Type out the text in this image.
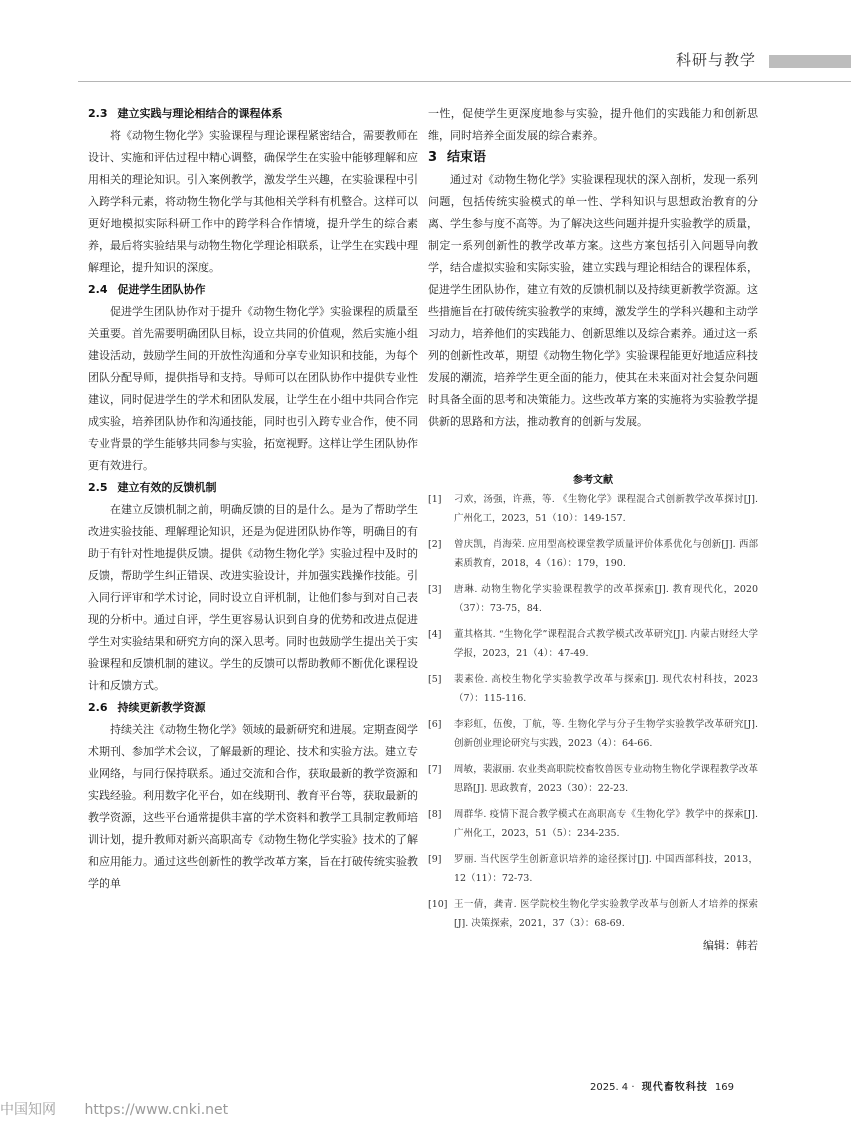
科研与教学
2.3 建立实践与理论相结合的课程体系

将《动物生物化学》实验课程与理论课程紧密结合，需要教师在设计、实施和评估过程中精心调整，确保学生在实验中能够理解和应用相关的理论知识。引入案例教学，激发学生兴趣，在实验课程中引入跨学科元素，将动物生物化学与其他相关学科有机整合。这样可以更好地模拟实际科研工作中的跨学科合作情境，提升学生的综合素养，最后将实验结果与动物生物化学理论相联系，让学生在实践中理解理论，提升知识的深度。

2.4 促进学生团队协作

促进学生团队协作对于提升《动物生物化学》实验课程的质量至关重要。首先需要明确团队目标，设立共同的价值观，然后实施小组建设活动，鼓励学生间的开放性沟通和分享专业知识和技能，为每个团队分配导师，提供指导和支持。导师可以在团队协作中提供专业性建议，同时促进学生的学术和团队发展，让学生在小组中共同合作完成实验，培养团队协作和沟通技能，同时也引入跨专业合作，使不同专业背景的学生能够共同参与实验，拓宽视野。这样让学生团队协作更有效进行。

2.5 建立有效的反馈机制

在建立反馈机制之前，明确反馈的目的是什么。是为了帮助学生改进实验技能、理解理论知识，还是为促进团队协作等，明确目的有助于有针对性地提供反馈。提供《动物生物化学》实验过程中及时的反馈，帮助学生纠正错误、改进实验设计，并加强实践操作技能。引入同行评审和学术讨论，同时设立自评机制，让他们参与到对自己表现的分析中。通过自评，学生更容易认识到自身的优势和改进点促进学生对实验结果和研究方向的深入思考。同时也鼓励学生提出关于实验课程和反馈机制的建议。学生的反馈可以帮助教师不断优化课程设计和反馈方式。

2.6 持续更新教学资源

持续关注《动物生物化学》领域的最新研究和进展。定期查阅学术期刊、参加学术会议，了解最新的理论、技术和实验方法。建立专业网络，与同行保持联系。通过交流和合作，获取最新的教学资源和实践经验。利用数字化平台，如在线期刊、教育平台等，获取最新的教学资源，这些平台通常提供丰富的学术资料和教学工具制定教师培训计划，提升教师对新兴高职高专《动物生物化学实验》技术的了解和应用能力。通过这些创新性的教学改革方案，旨在打破传统实验教学的单

一性，促使学生更深度地参与实验，提升他们的实践能力和创新思维，同时培养全面发展的综合素养。

3 结束语

通过对《动物生物化学》实验课程现状的深入剖析，发现一系列问题，包括传统实验模式的单一性、学科知识与思想政治教育的分离、学生参与度不高等。为了解决这些问题并提升实验教学的质量，制定一系列创新性的教学改革方案。这些方案包括引入问题导向教学，结合虚拟实验和实际实验，建立实践与理论相结合的课程体系，促进学生团队协作，建立有效的反馈机制以及持续更新教学资源。这些措施旨在打破传统实验教学的束缚，激发学生的学科兴趣和主动学习动力，培养他们的实践能力、创新思维以及综合素养。通过这一系列的创新性改革，期望《动物生物化学》实验课程能更好地适应科技发展的潮流，培养学生更全面的能力，使其在未来面对社会复杂问题时具备全面的思考和决策能力。这些改革方案的实施将为实验教学提供新的思路和方法，推动教育的创新与发展。

参考文献
[1]	刁欢，汤强，许燕，等. 《生物化学》课程混合式创新教学改革探讨[J]. 广州化工，2023，51（10）：149-157.
[2]	曾庆凯，肖海荣. 应用型高校课堂教学质量评价体系优化与创新[J]. 西部素质教育，2018，4（16）：179，190.
[3]	唐琳. 动物生物化学实验课程教学的改革探索[J]. 教育现代化，2020（37）：73-75，84.
[4]	董其格其. “生物化学”课程混合式教学模式改革研究[J]. 内蒙古财经大学学报，2023，21（4）：47-49.
[5]	裴素俭. 高校生物化学实验教学改革与探索[J]. 现代农村科技，2023（7）：115-116.
[6]	李彩虹，伍俊，丁航，等. 生物化学与分子生物学实验教学改革研究[J]. 创新创业理论研究与实践，2023（4）：64-66.
[7]	周敏，裴淑丽. 农业类高职院校畜牧兽医专业动物生物化学课程教学改革思路[J]. 思政教育，2023（30）：22-23.
[8]	周群华. 疫情下混合教学模式在高职高专《生物化学》教学中的探索[J]. 广州化工，2023，51（5）：234-235.
[9]	罗丽. 当代医学生创新意识培养的途径探讨[J]. 中国西部科技，2013，12（11）：72-73.
[10] 王一倩，龚青. 医学院校生物化学实验教学改革与创新人才培养的探索[J]. 决策探索，2021，37（3）：68-69.
编辑：韩若
2025. 4 · 现代畜牧科技 169
中国知网 https://www.cnki.net
